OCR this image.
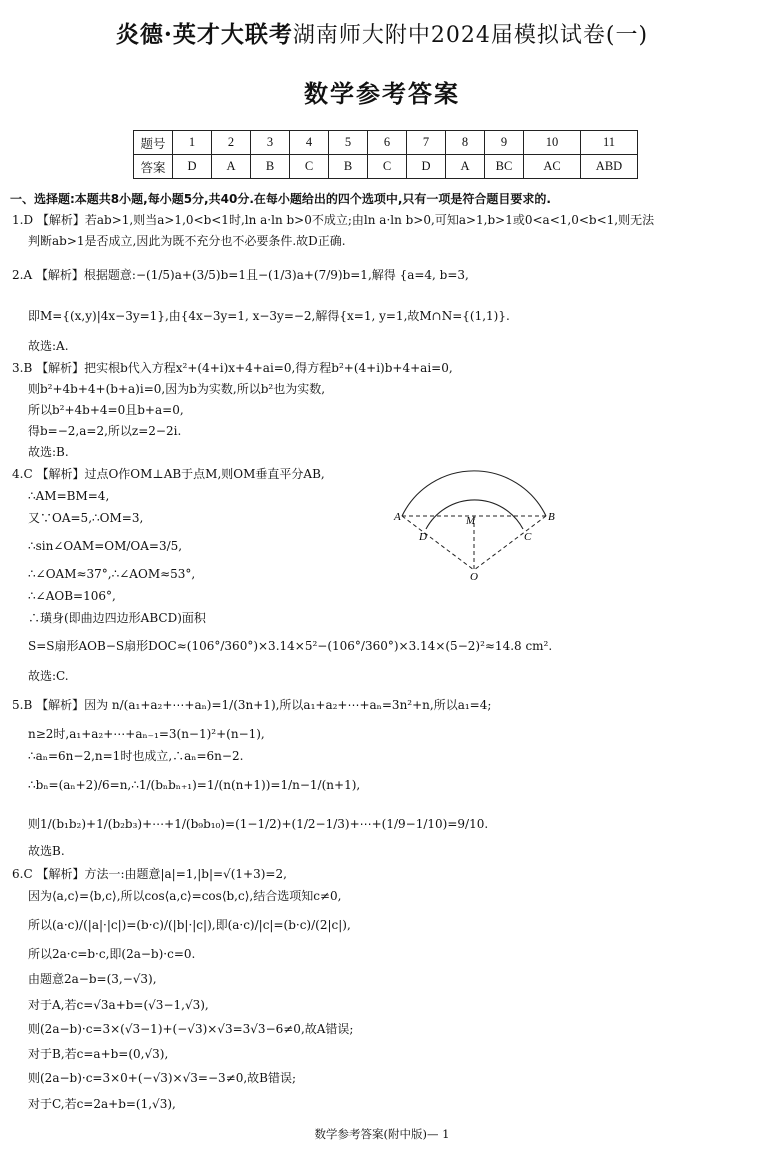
炎德·英才大联考湖南师大附中2024届模拟试卷(一)
数学参考答案
题号	1	2	3	4	5	6	7	8	9	10	11
答案	D	A	B	C	B	C	D	A	BC	AC	ABD
一、选择题:本题共8小题,每小题5分,共40分.在每小题给出的四个选项中,只有一项是符合题目要求的.
1.D 【解析】若ab>1,则当a>1,0<b<1时,ln a·ln b>0不成立;由ln a·ln b>0,可知a>1,b>1或0<a<1,0<b<1,则无法
判断ab>1是否成立,因此为既不充分也不必要条件.故D正确.
2.A 【解析】根据题意:−(1/5)a+(3/5)b=1且−(1/3)a+(7/9)b=1,解得 {a=4, b=3,
即M={(x,y)|4x−3y=1},由{4x−3y=1, x−3y=−2,解得{x=1, y=1,故M∩N={(1,1)}.
故选:A.
3.B 【解析】把实根b代入方程x²+(4+i)x+4+ai=0,得方程b²+(4+i)b+4+ai=0,
则b²+4b+4+(b+a)i=0,因为b为实数,所以b²也为实数,
所以b²+4b+4=0且b+a=0,
得b=−2,a=2,所以z=2−2i.
故选:B.
4.C 【解析】过点O作OM⊥AB于点M,则OM垂直平分AB,
∴AM=BM=4,
又∵OA=5,∴OM=3,
∴sin∠OAM=OM/OA=3/5,
∴∠OAM≈37°,∴∠AOM≈53°,
∴∠AOB=106°,
∴璜身(即曲边四边形ABCD)面积
S=S扇形AOB−S扇形DOC≈(106°/360°)×3.14×5²−(106°/360°)×3.14×(5−2)²≈14.8 cm².
故选:C.
5.B 【解析】因为 n/(a₁+a₂+⋯+aₙ)=1/(3n+1),所以a₁+a₂+⋯+aₙ=3n²+n,所以a₁=4;
n≥2时,a₁+a₂+⋯+aₙ₋₁=3(n−1)²+(n−1),
∴aₙ=6n−2,n=1时也成立,∴aₙ=6n−2.
∴bₙ=(aₙ+2)/6=n,∴1/(bₙbₙ₊₁)=1/(n(n+1))=1/n−1/(n+1),
则1/(b₁b₂)+1/(b₂b₃)+⋯+1/(b₉b₁₀)=(1−1/2)+(1/2−1/3)+⋯+(1/9−1/10)=9/10.
故选B.
6.C 【解析】方法一:由题意|a|=1,|b|=√(1+3)=2,
因为⟨a,c⟩=⟨b,c⟩,所以cos⟨a,c⟩=cos⟨b,c⟩,结合选项知c≠0,
所以(a·c)/(|a|·|c|)=(b·c)/(|b|·|c|),即(a·c)/|c|=(b·c)/(2|c|),
所以2a·c=b·c,即(2a−b)·c=0.
由题意2a−b=(3,−√3),
对于A,若c=√3a+b=(√3−1,√3),
则(2a−b)·c=3×(√3−1)+(−√3)×√3=3√3−6≠0,故A错误;
对于B,若c=a+b=(0,√3),
则(2a−b)·c=3×0+(−√3)×√3=−3≠0,故B错误;
对于C,若c=2a+b=(1,√3),
A	B
M
D	C
O
数学参考答案(附中版)— 1
